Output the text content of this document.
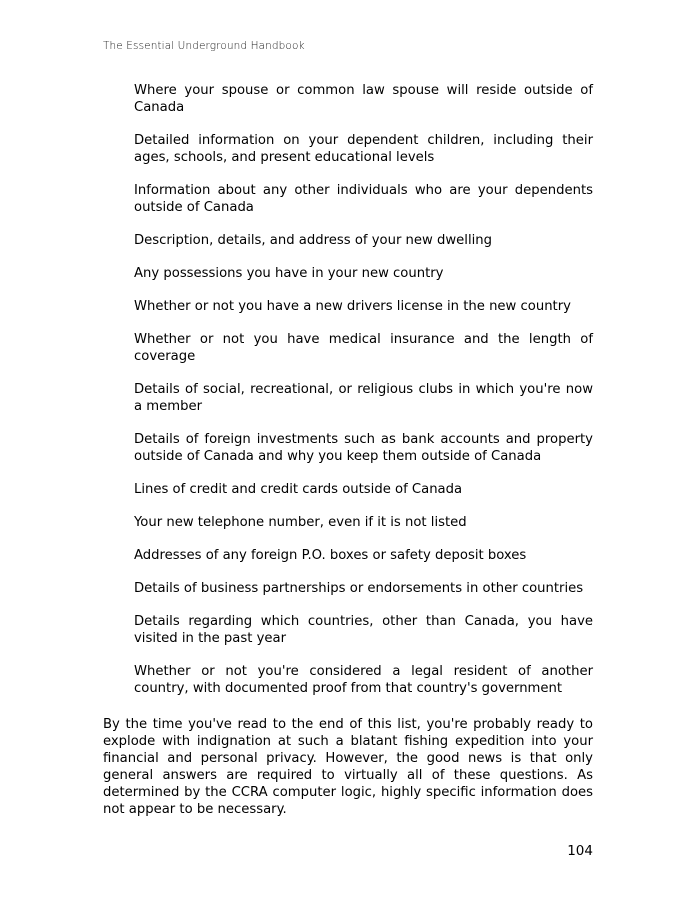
The Essential Underground Handbook
Where your spouse or common law spouse will reside outside of Canada
Detailed information on your dependent children, including their ages, schools, and present educational levels
Information about any other individuals who are your dependents outside of Canada
Description, details, and address of your new dwelling
Any possessions you have in your new country
Whether or not you have a new drivers license in the new country
Whether or not you have medical insurance and the length of coverage
Details of social, recreational, or religious clubs in which you're now a member
Details of foreign investments such as bank accounts and property outside of Canada and why you keep them outside of Canada
Lines of credit and credit cards outside of Canada
Your new telephone number, even if it is not listed
Addresses of any foreign P.O. boxes or safety deposit boxes
Details of business partnerships or endorsements in other countries
Details regarding which countries, other than Canada, you have visited in the past year
Whether or not you're considered a legal resident of another country, with documented proof from that country's government

By the time you've read to the end of this list, you're probably ready to explode with indignation at such a blatant fishing expedition into your financial and personal privacy. However, the good news is that only general answers are required to virtually all of these questions. As determined by the CCRA computer logic, highly specific information does not appear to be necessary.

104
